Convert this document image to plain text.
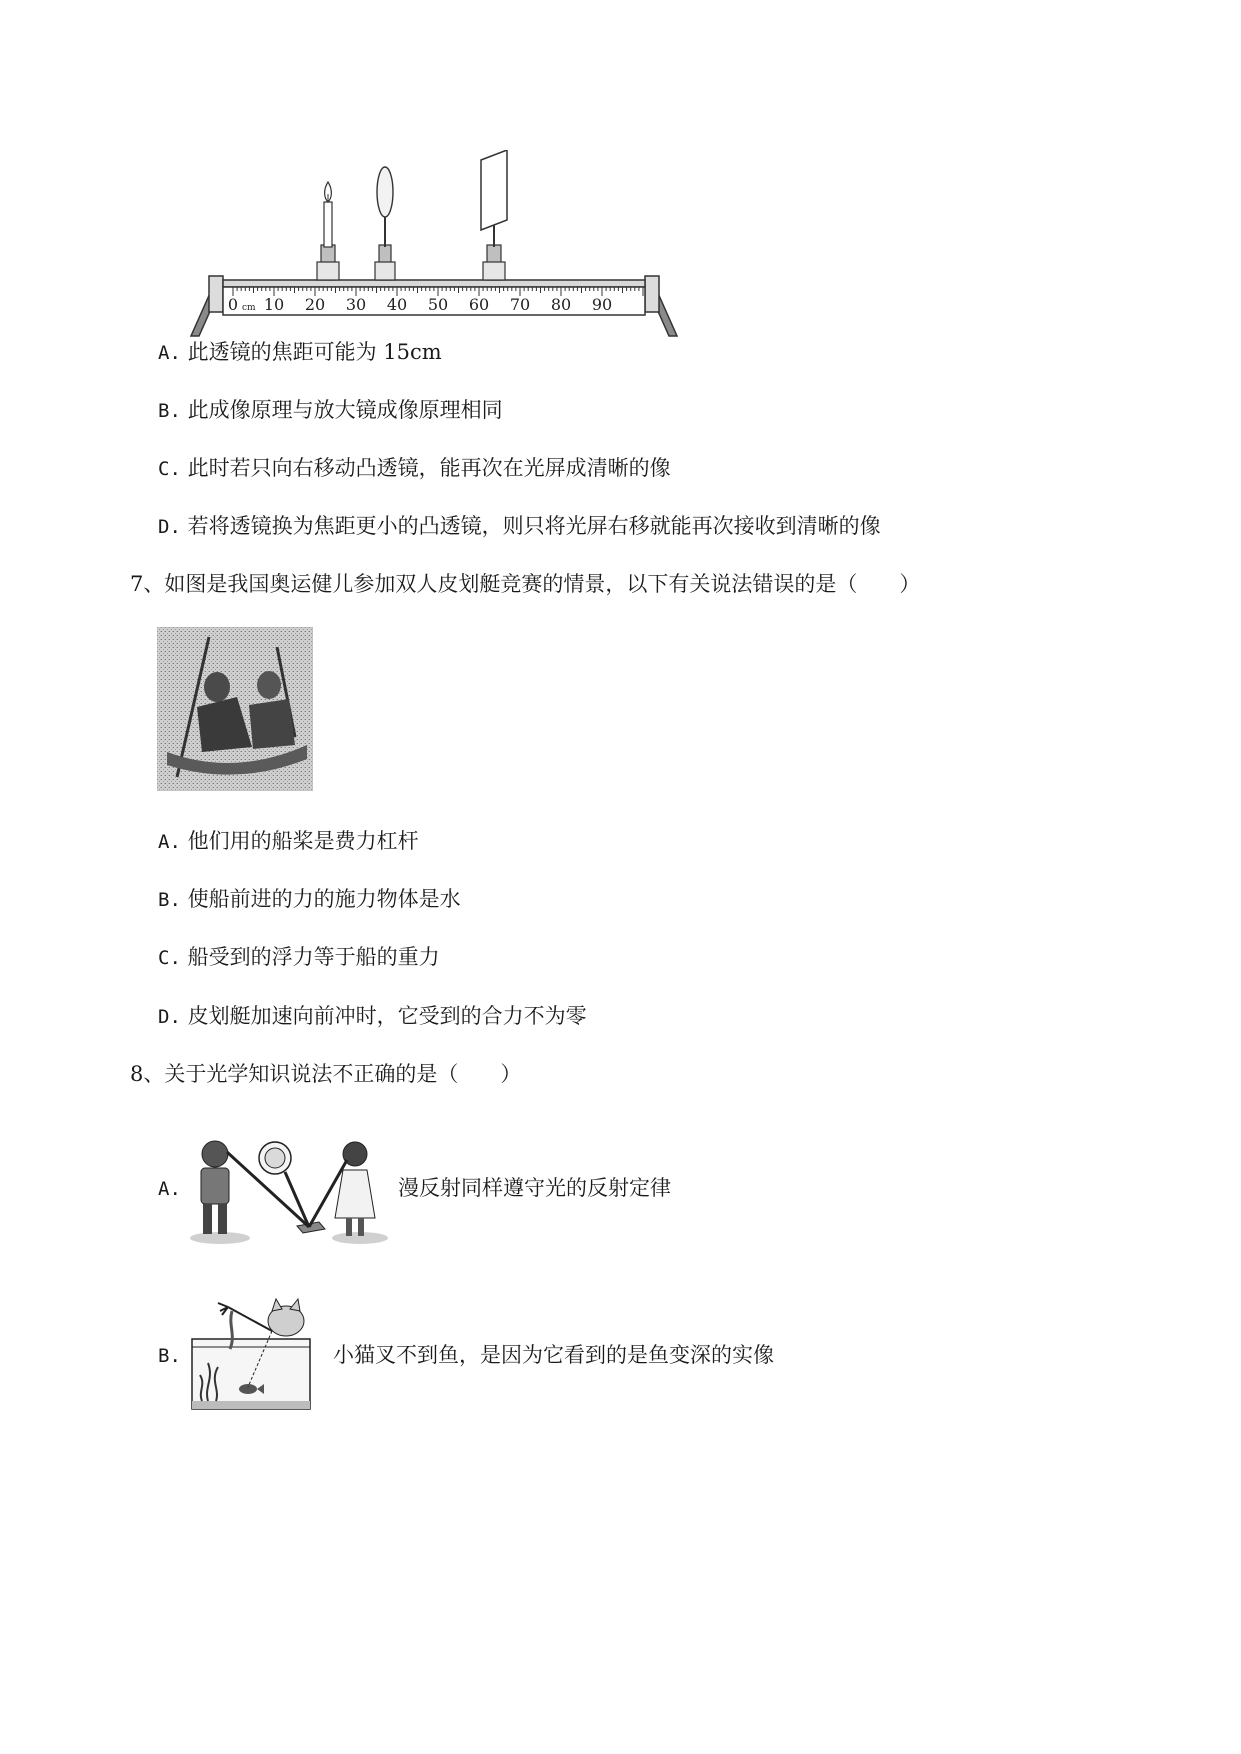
0 cm 10 20 30 40 50 60 70 80 90
A. 此透镜的焦距可能为 15cm
B. 此成像原理与放大镜成像原理相同
C. 此时若只向右移动凸透镜，能再次在光屏成清晰的像
D. 若将透镜换为焦距更小的凸透镜，则只将光屏右移就能再次接收到清晰的像
7、如图是我国奥运健儿参加双人皮划艇竞赛的情景，以下有关说法错误的是（　　）
A. 他们用的船桨是费力杠杆
B. 使船前进的力的施力物体是水
C. 船受到的浮力等于船的重力
D. 皮划艇加速向前冲时，它受到的合力不为零
8、关于光学知识说法不正确的是（　　）
A.	漫反射同样遵守光的反射定律
B.	小猫叉不到鱼，是因为它看到的是鱼变深的实像
